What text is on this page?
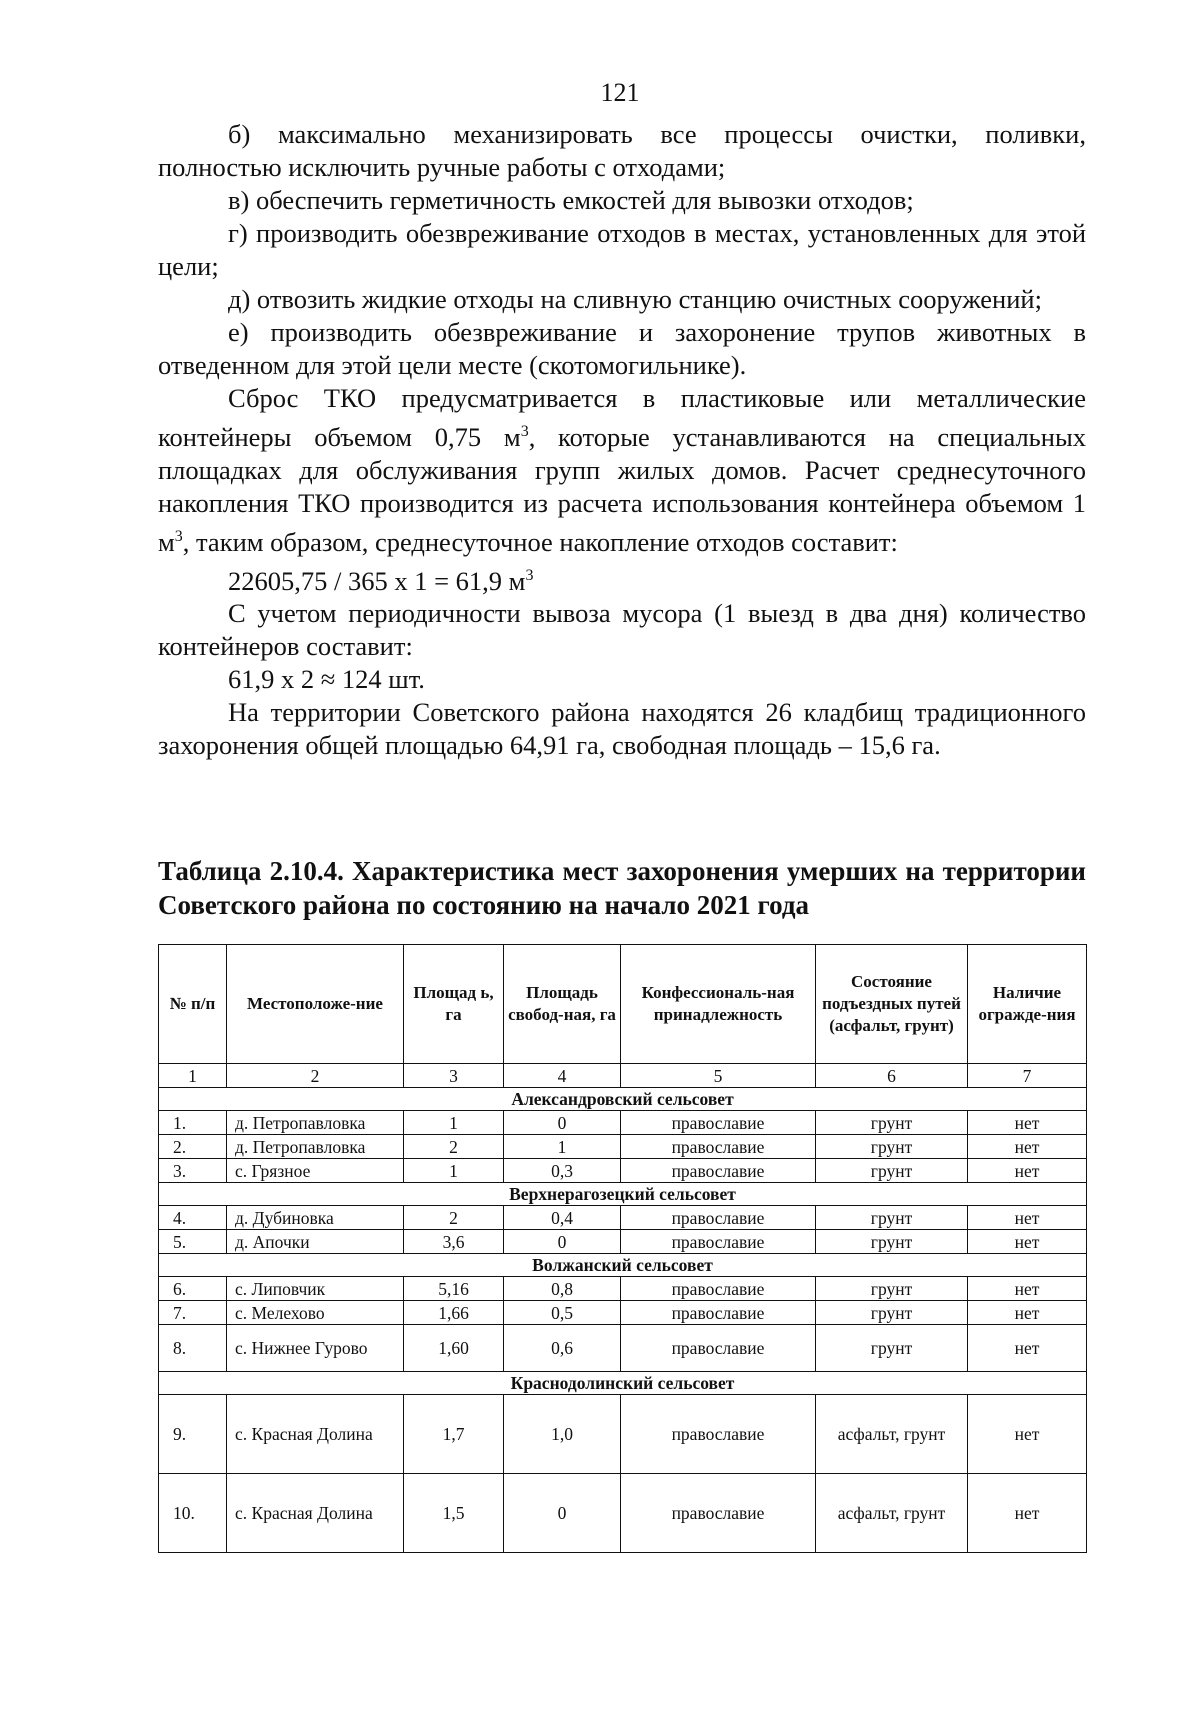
121

б) максимально механизировать все процессы очистки, поливки, полностью исключить ручные работы с отходами;

в) обеспечить герметичность емкостей для вывозки отходов;

г) производить обезвреживание отходов в местах, установленных для этой цели;

д) отвозить жидкие отходы на сливную станцию очистных сооружений;

е) производить обезвреживание и захоронение трупов животных в отведенном для этой цели месте (скотомогильнике).

Сброс ТКО предусматривается в пластиковые или металлические контейнеры объемом 0,75 $м^3$, которые устанавливаются на специальных площадках для обслуживания групп жилых домов. Расчет среднесуточного накопления ТКО производится из расчета использования контейнера объемом 1 $м^3$, таким образом, среднесуточное накопление отходов составит:

22605,75 / 365 х 1 = 61,9 $м^3$

С учетом периодичности вывоза мусора (1 выезд в два дня) количество контейнеров составит:

61,9 х 2 ≈ 124 шт.

На территории Советского района находятся 26 кладбищ традиционного захоронения общей площадью 64,91 га, свободная площадь – 15,6 га.

Таблица 2.10.4. Характеристика мест захоронения умерших на территории Советского района по состоянию на начало 2021 года
№ п/п	Местоположе-ние	Площад ь, га	Площадь свобод-ная, га	Конфессиональ-ная принадлежность	Состояние подъездных путей (асфальт, грунт)	Наличие огражде-ния
1	2	3	4	5	6	7
Александровский сельсовет						
1.	д. Петропавловка	1	0	православие	грунт	нет
2.	д. Петропавловка	2	1	православие	грунт	нет
3.	с. Грязное	1	0,3	православие	грунт	нет
Верхнерагозецкий сельсовет						
4.	д. Дубиновка	2	0,4	православие	грунт	нет
5.	д. Апочки	3,6	0	православие	грунт	нет
Волжанский сельсовет						
6.	с. Липовчик	5,16	0,8	православие	грунт	нет
7.	с. Мелехово	1,66	0,5	православие	грунт	нет
8.	с. Нижнее Гурово	1,60	0,6	православие	грунт	нет
Краснодолинский сельсовет						
9.	с. Красная Долина	1,7	1,0	православие	асфальт, грунт	нет
10.	с. Красная Долина	1,5	0	православие	асфальт, грунт	нет
